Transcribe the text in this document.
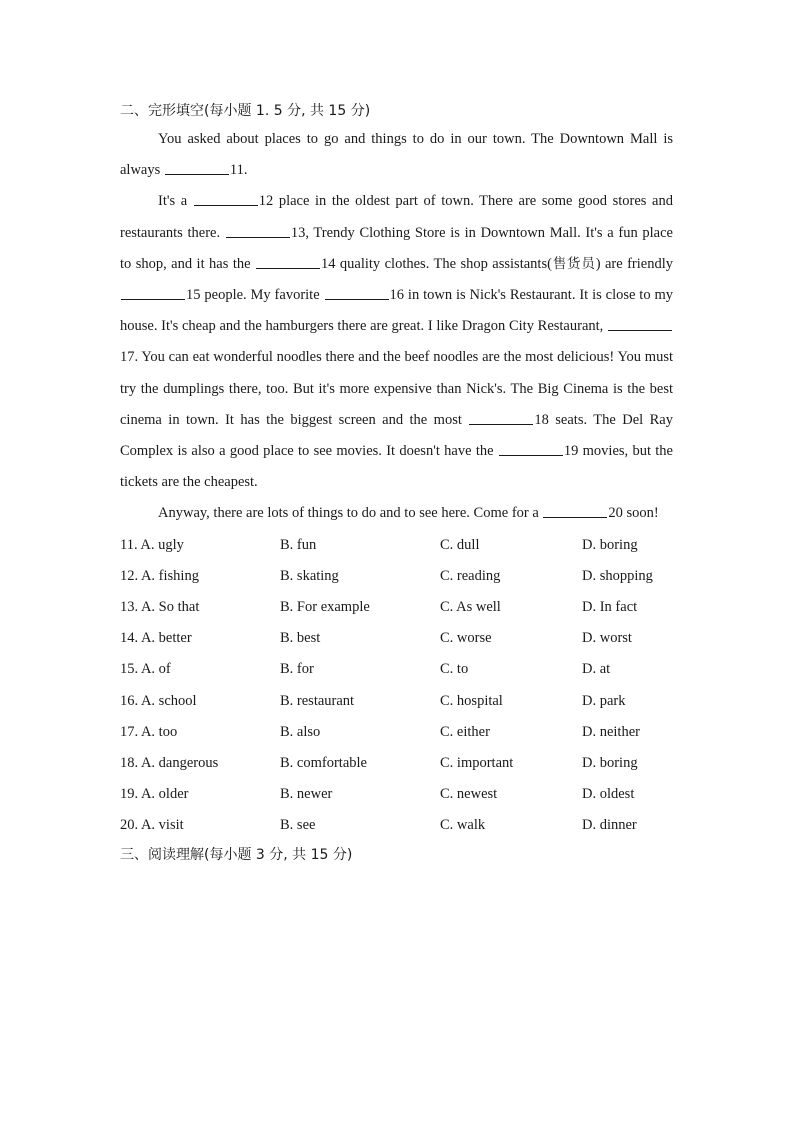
二、完形填空(每小题 1. 5 分, 共 15 分)

You asked about places to go and things to do in our town. The Downtown Mall is always	11.

It's a	12 place in the oldest part of town. There are some good stores and restaurants there.	13, Trendy Clothing Store is in Downtown Mall. It's a fun place to shop, and it has the	14 quality clothes. The shop assistants(售货员) are friendly 15 people. My favorite	16 in town is Nick's Restaurant. It is close to my house. It's cheap and the hamburgers there are great. I like Dragon City Restaurant, 17. You can eat wonderful noodles there and the beef noodles are the most delicious! You must try the dumplings there, too. But it's more expensive than Nick's. The Big Cinema is the best cinema in town. It has the biggest screen and the most	18 seats. The Del Ray Complex is also a good place to see movies. It doesn't have the	19 movies, but the tickets are the cheapest.

Anyway, there are lots of things to do and to see here. Come for a	20 soon!

11. A. ugly	B. fun	C. dull	D. boring
12. A. fishing	B. skating	C. reading	D. shopping
13. A. So that	B. For example	C. As well	D. In fact
14. A. better	B. best	C. worse	D. worst
15. A. of	B. for	C. to	D. at
16. A. school	B. restaurant	C. hospital	D. park
17. A. too	B. also	C. either	D. neither
18. A. dangerous	B. comfortable	C. important	D. boring
19. A. older	B. newer	C. newest	D. oldest
20. A. visit	B. see	C. walk	D. dinner
三、阅读理解(每小题 3 分, 共 15 分)
